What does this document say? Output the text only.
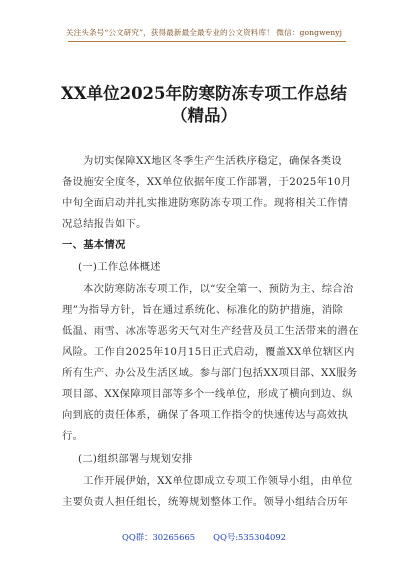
关注头条号“公文研究”，获得最新最全最专业的公文资料库！ 微信：gongwenyj
XX单位2025年防寒防冻专项工作总结
（精品）
为切实保障XX地区冬季生产生活秩序稳定，确保各类设
备设施安全度冬，XX单位依据年度工作部署，于2025年10月
中旬全面启动并扎实推进防寒防冻专项工作。现将相关工作情
况总结报告如下。
一、基本情况
(一)工作总体概述
本次防寒防冻专项工作，以“安全第一、预防为主、综合治
理”为指导方针，旨在通过系统化、标准化的防护措施，消除
低温、雨雪、冰冻等恶劣天气对生产经营及员工生活带来的潜在
风险。工作自2025年10月15日正式启动，覆盖XX单位辖区内
所有生产、办公及生活区域。参与部门包括XX项目部、XX服务
项目部、XX保障项目部等多个一线单位，形成了横向到边、纵
向到底的责任体系，确保了各项工作指令的快速传达与高效执
行。
(二)组织部署与规划安排
工作开展伊始，XX单位即成立专项工作领导小组，由单位
主要负责人担任组长，统筹规划整体工作。领导小组结合历年
QQ群：30265665 QQ号:535304092
